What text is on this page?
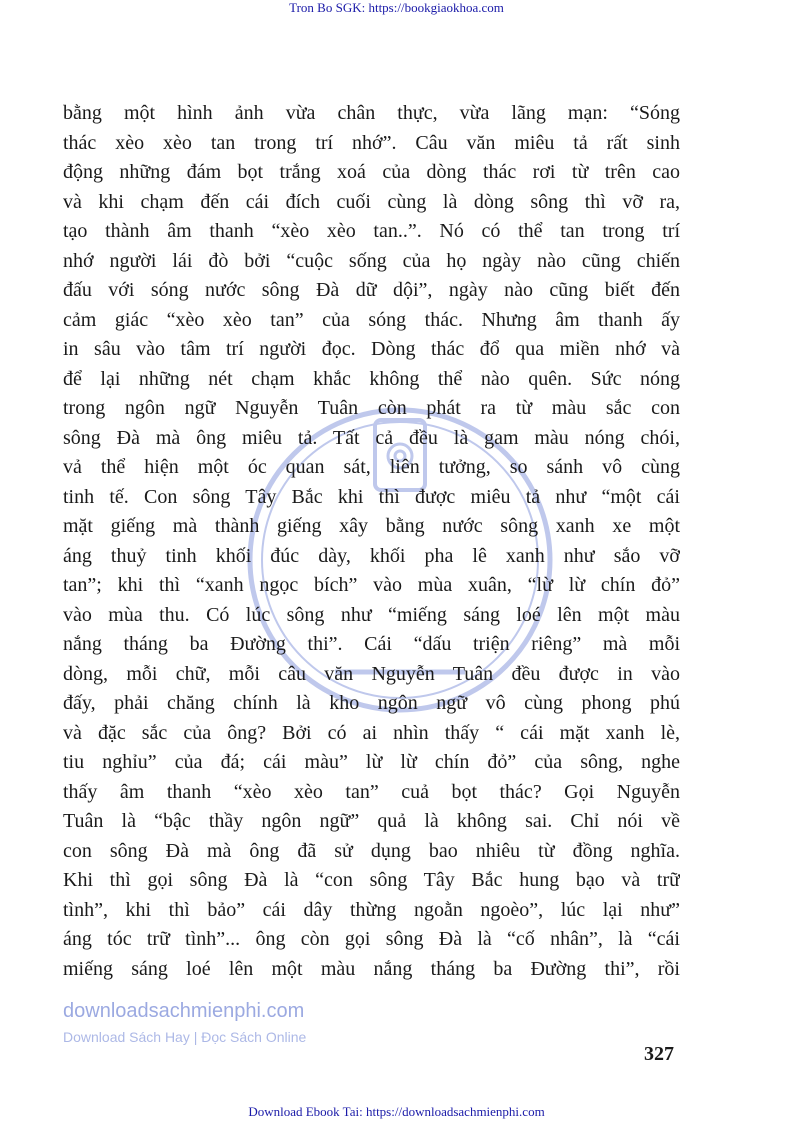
Tron Bo SGK: https://bookgiaokhoa.com
bằng một hình ảnh vừa chân thực, vừa lãng mạn: “Sóng
thác xèo xèo tan trong trí nhớ”. Câu văn miêu tả rất sinh
động những đám bọt trắng xoá của dòng thác rơi từ trên cao
và khi chạm đến cái đích cuối cùng là dòng sông thì vỡ ra,
tạo thành âm thanh “xèo xèo tan..”. Nó có thể tan trong trí
nhớ người lái đò bởi “cuộc sống của họ ngày nào cũng chiến
đấu với sóng nước sông Đà dữ dội”, ngày nào cũng biết đến
cảm giác “xèo xèo tan” của sóng thác. Nhưng âm thanh ấy
in sâu vào tâm trí người đọc. Dòng thác đổ qua miền nhớ và
để lại những nét chạm khắc không thể nào quên. Sức nóng
trong ngôn ngữ Nguyễn Tuân còn phát ra từ màu sắc con
sông Đà mà ông miêu tả. Tất cả đều là gam màu nóng chói,
vả thể hiện một óc quan sát, liên tưởng, so sánh vô cùng
tinh tế. Con sông Tây Bắc khi thì được miêu tả như “một cái
mặt giếng mà thành giếng xây bằng nước sông xanh xe một
áng thuỷ tinh khối đúc dày, khối pha lê xanh như sắo vỡ
tan”; khi thì “xanh ngọc bích” vào mùa xuân, “lừ lừ chín đỏ”
vào mùa thu. Có lúc sông như “miếng sáng loé lên một màu
nắng tháng ba Đường thi”. Cái “dấu triện riêng” mà mỗi
dòng, mỗi chữ, mỗi câu văn Nguyễn Tuân đều được in vào
đấy, phải chăng chính là kho ngôn ngữ vô cùng phong phú
và đặc sắc của ông? Bởi có ai nhìn thấy “ cái mặt xanh lè,
tiu nghỉu” của đá; cái màu” lừ lừ chín đỏ” của sông, nghe
thấy âm thanh “xèo xèo tan” cuả bọt thác? Gọi Nguyễn
Tuân là “bậc thầy ngôn ngữ” quả là không sai. Chỉ nói về
con sông Đà mà ông đã sử dụng bao nhiêu từ đồng nghĩa.
Khi thì gọi sông Đà là “con sông Tây Bắc hung bạo và trữ
tình”, khi thì bảo” cái dây thừng ngoằn ngoèo”, lúc lại như”
áng tóc trữ tình”... ông còn gọi sông Đà là “cố nhân”, là “cái
miếng sáng loé lên một màu nắng tháng ba Đường thi”, rồi
downloadsachmienphi.com
Download Sách Hay | Đọc Sách Online
327
Download Ebook Tai: https://downloadsachmienphi.com
